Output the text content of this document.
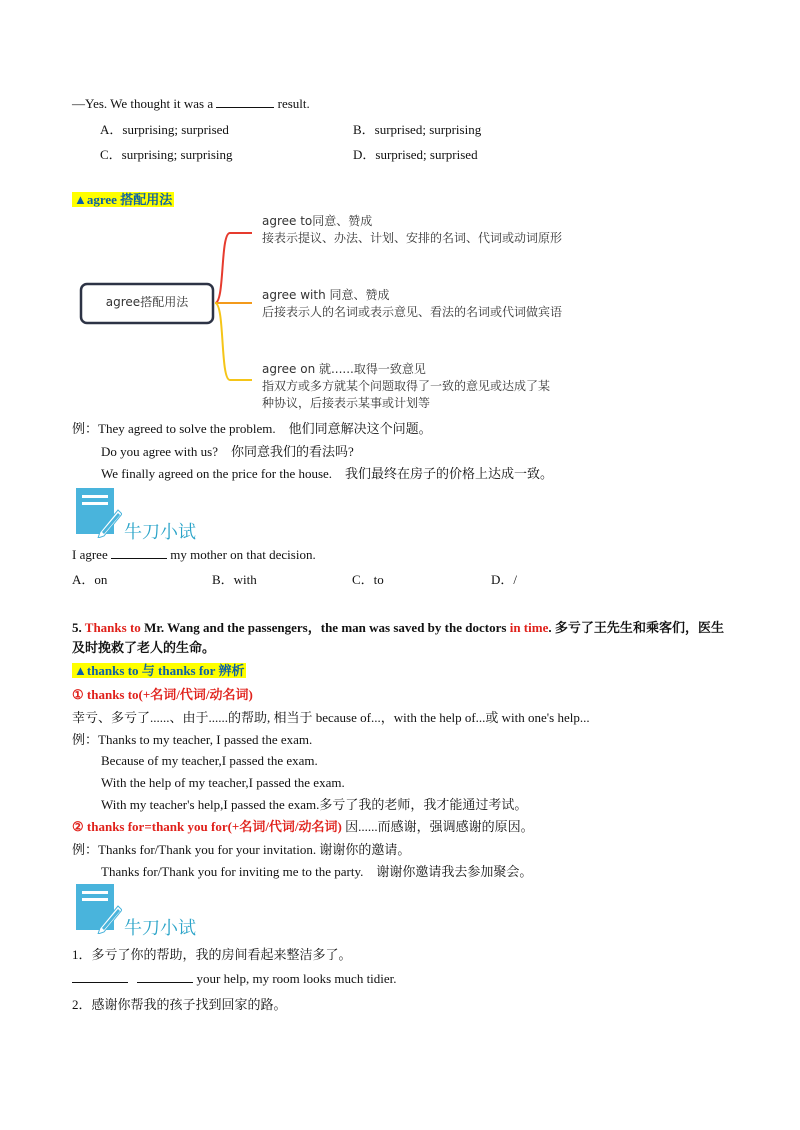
—Yes. We thought it was a	result.
A．surprising; surprised	B．surprised; surprising
C．surprising; surprising	D．surprised; surprised
▲agree 搭配用法
agree搭配用法
agree to同意、赞成
接表示提议、办法、计划、安排的名词、代词或动词原形
agree with 同意、赞成
后接表示人的名词或表示意见、看法的名词或代词做宾语
agree on 就......取得一致意见
指双方或多方就某个问题取得了一致的意见或达成了某
种协议，后接表示某事或计划等
例：They agreed to solve the problem.　他们同意解决这个问题。
Do you agree with us?　你同意我们的看法吗?
We finally agreed on the price for the house.　我们最终在房子的价格上达成一致。
牛刀小试
I agree	my mother on that decision.
A．on	B．with	C．to	D．/
5. Thanks to Mr. Wang and the passengers，the man was saved by the doctors in time. 多亏了王先生和乘客们，医生及时挽救了老人的生命。
▲thanks to 与 thanks for 辨析
① thanks to(+名词/代词/动名词)
幸亏、多亏了......、由于......的帮助, 相当于 because of...，with the help of...或 with one's help...
例：Thanks to my teacher, I passed the exam.
Because of my teacher,I passed the exam.
With the help of my teacher,I passed the exam.
With my teacher's help,I passed the exam.多亏了我的老师，我才能通过考试。
② thanks for=thank you for(+名词/代词/动名词) 因......而感谢，强调感谢的原因。
例：Thanks for/Thank you for your invitation. 谢谢你的邀请。
Thanks for/Thank you for inviting me to the party.　谢谢你邀请我去参加聚会。
牛刀小试
1．多亏了你的帮助，我的房间看起来整洁多了。
your help, my room looks much tidier.
2．感谢你帮我的孩子找到回家的路。
